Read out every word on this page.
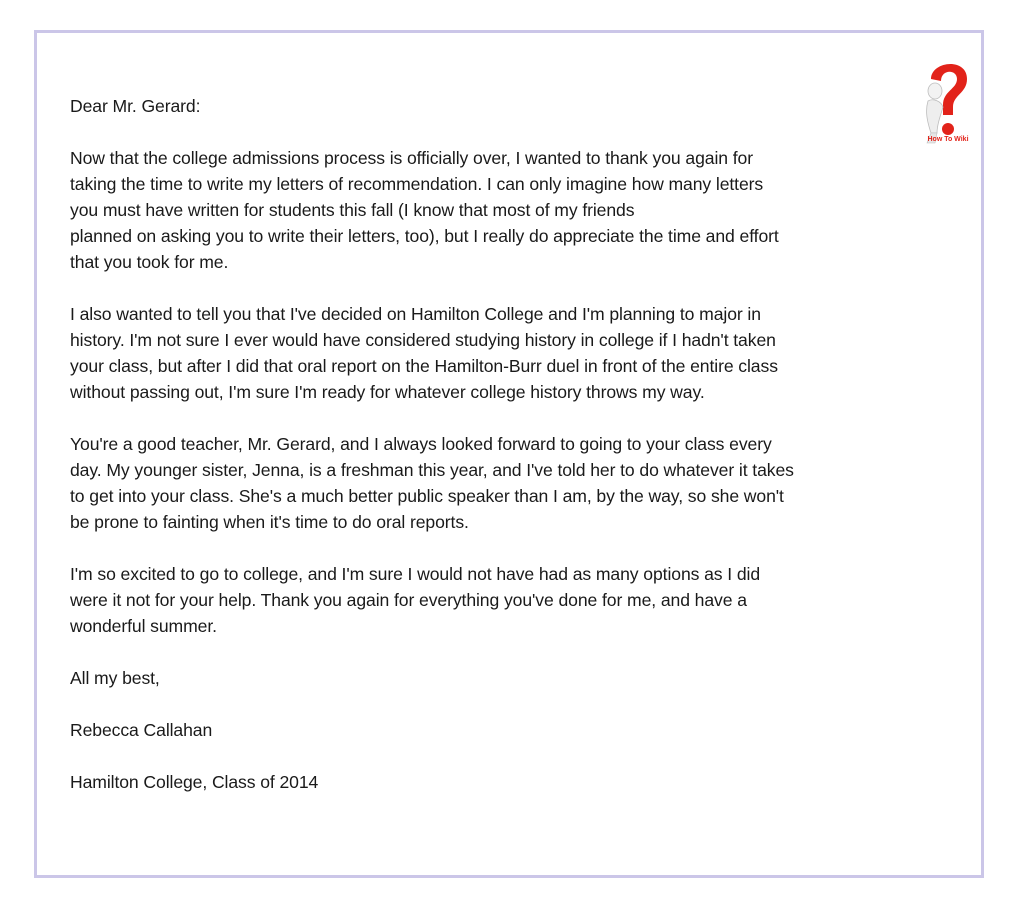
Dear Mr. Gerard:

Now that the college admissions process is officially over, I wanted to thank you again for
taking the time to write my letters of recommendation. I can only imagine how many letters
you must have written for students this fall (I know that most of my friends
planned on asking you to write their letters, too), but I really do appreciate the time and effort
that you took for me.

I also wanted to tell you that I've decided on Hamilton College and I'm planning to major in
history. I'm not sure I ever would have considered studying history in college if I hadn't taken
your class, but after I did that oral report on the Hamilton-Burr duel in front of the entire class
without passing out, I'm sure I'm ready for whatever college history throws my way.

You're a good teacher, Mr. Gerard, and I always looked forward to going to your class every
day. My younger sister, Jenna, is a freshman this year, and I've told her to do whatever it takes
to get into your class. She's a much better public speaker than I am, by the way, so she won't
be prone to fainting when it's time to do oral reports.

I'm so excited to go to college, and I'm sure I would not have had as many options as I did
were it not for your help. Thank you again for everything you've done for me, and have a
wonderful summer.

All my best,

Rebecca Callahan

Hamilton College, Class of 2014

How To Wiki
